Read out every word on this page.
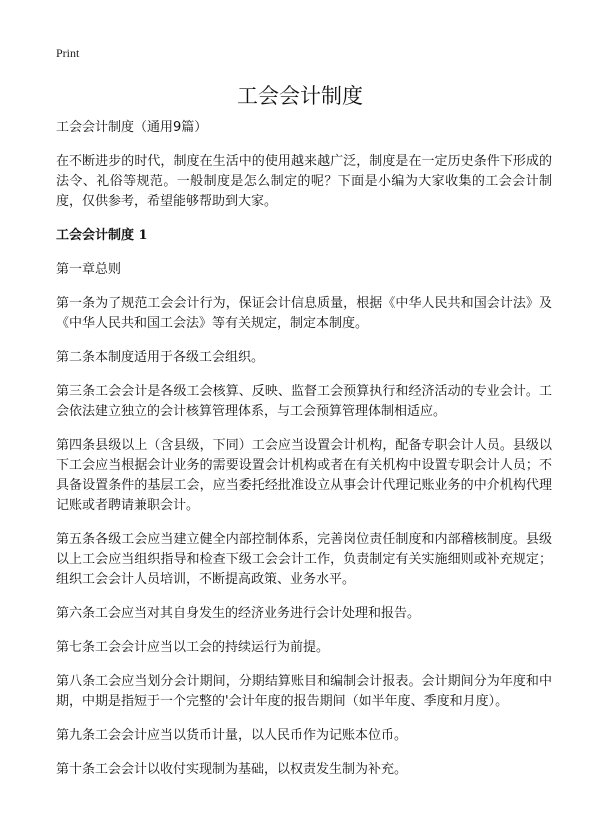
Print
工会会计制度

工会会计制度（通用9篇）

在不断进步的时代，制度在生活中的使用越来越广泛，制度是在一定历史条件下形成的法令、礼俗等规范。一般制度是怎么制定的呢？下面是小编为大家收集的工会会计制度，仅供参考，希望能够帮助到大家。

工会会计制度 1

第一章总则

第一条为了规范工会会计行为，保证会计信息质量，根据《中华人民共和国会计法》及《中华人民共和国工会法》等有关规定，制定本制度。

第二条本制度适用于各级工会组织。

第三条工会会计是各级工会核算、反映、监督工会预算执行和经济活动的专业会计。工会依法建立独立的会计核算管理体系，与工会预算管理体制相适应。

第四条县级以上（含县级，下同）工会应当设置会计机构，配备专职会计人员。县级以下工会应当根据会计业务的需要设置会计机构或者在有关机构中设置专职会计人员；不具备设置条件的基层工会，应当委托经批准设立从事会计代理记账业务的中介机构代理记账或者聘请兼职会计。

第五条各级工会应当建立健全内部控制体系，完善岗位责任制度和内部稽核制度。县级以上工会应当组织指导和检查下级工会会计工作，负责制定有关实施细则或补充规定；组织工会会计人员培训，不断提高政策、业务水平。

第六条工会应当对其自身发生的经济业务进行会计处理和报告。

第七条工会会计应当以工会的持续运行为前提。

第八条工会应当划分会计期间，分期结算账目和编制会计报表。会计期间分为年度和中期，中期是指短于一个完整的'会计年度的报告期间（如半年度、季度和月度）。

第九条工会会计应当以货币计量，以人民币作为记账本位币。

第十条工会会计以收付实现制为基础，以权责发生制为补充。
